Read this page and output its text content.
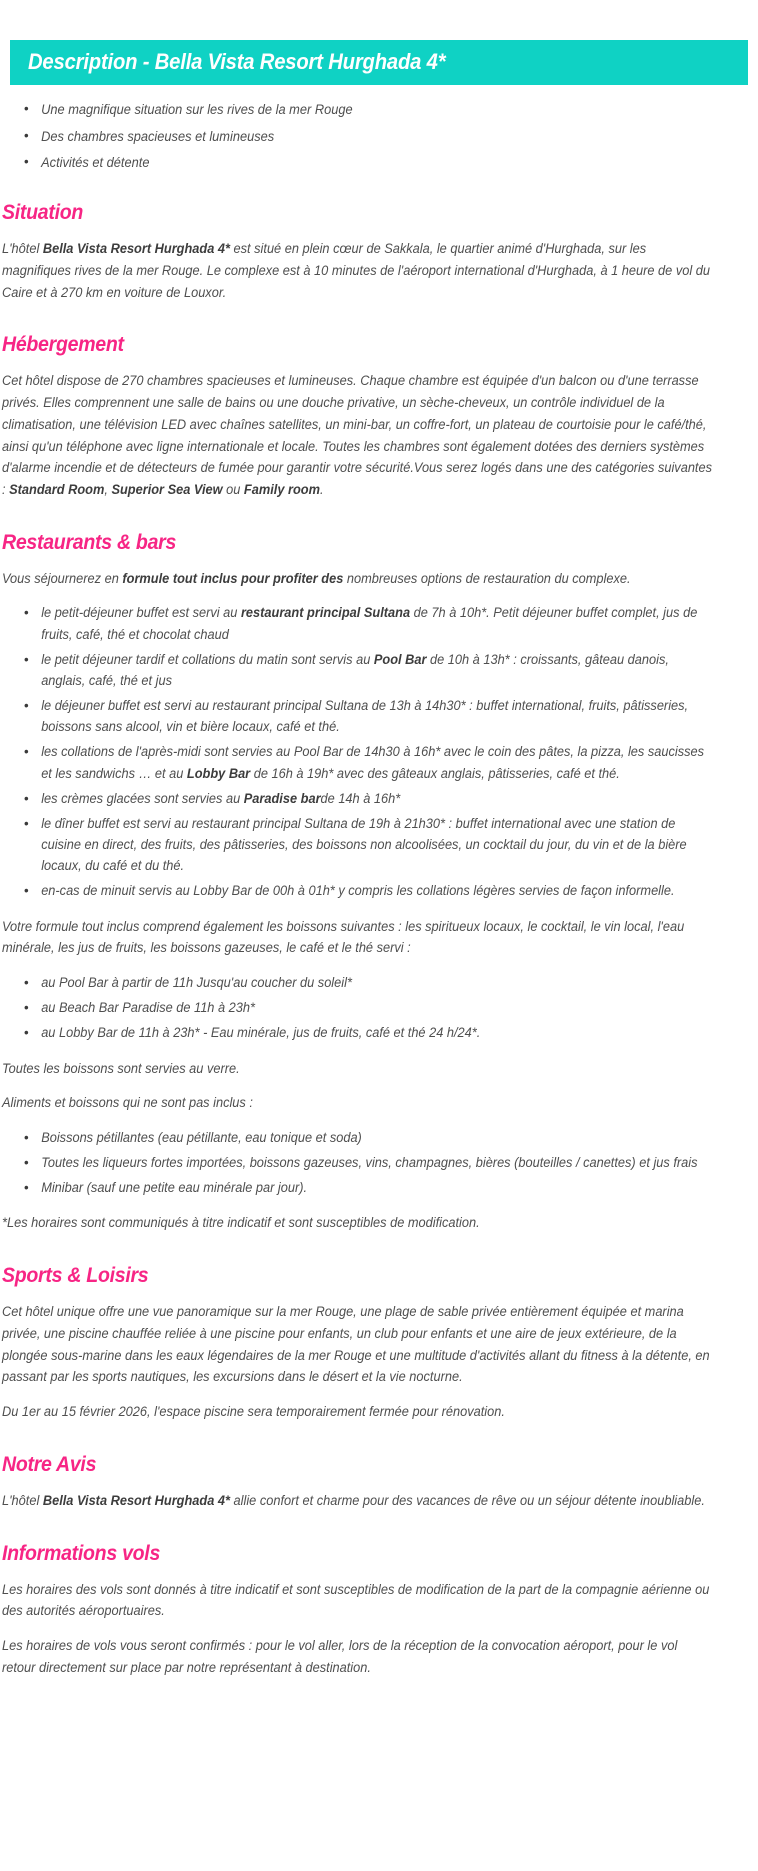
Description - Bella Vista Resort Hurghada 4*
• Une magnifique situation sur les rives de la mer Rouge
• Des chambres spacieuses et lumineuses
• Activités et détente
Situation

L'hôtel Bella Vista Resort Hurghada 4* est situé en plein cœur de Sakkala, le quartier animé d'Hurghada, sur les magnifiques rives de la mer Rouge. Le complexe est à 10 minutes de l'aéroport international d'Hurghada, à 1 heure de vol du Caire et à 270 km en voiture de Louxor.

Hébergement

Cet hôtel dispose de 270 chambres spacieuses et lumineuses. Chaque chambre est équipée d'un balcon ou d'une terrasse privés. Elles comprennent une salle de bains ou une douche privative, un sèche-cheveux, un contrôle individuel de la climatisation, une télévision LED avec chaînes satellites, un mini-bar, un coffre-fort, un plateau de courtoisie pour le café/thé, ainsi qu'un téléphone avec ligne internationale et locale. Toutes les chambres sont également dotées des derniers systèmes d'alarme incendie et de détecteurs de fumée pour garantir votre sécurité.Vous serez logés dans une des catégories suivantes : Standard Room, Superior Sea View ou Family room.

Restaurants & bars

Vous séjournerez en formule tout inclus pour profiter des nombreuses options de restauration du complexe.

• le petit-déjeuner buffet est servi au restaurant principal Sultana de 7h à 10h*. Petit déjeuner buffet complet, jus de fruits, café, thé et chocolat chaud
• le petit déjeuner tardif et collations du matin sont servis au Pool Bar de 10h à 13h* : croissants, gâteau danois, anglais, café, thé et jus
• le déjeuner buffet est servi au restaurant principal Sultana de 13h à 14h30* : buffet international, fruits, pâtisseries, boissons sans alcool, vin et bière locaux, café et thé.
• les collations de l'après-midi sont servies au Pool Bar de 14h30 à 16h* avec le coin des pâtes, la pizza, les saucisses et les sandwichs … et au Lobby Bar de 16h à 19h* avec des gâteaux anglais, pâtisseries, café et thé.
• les crèmes glacées sont servies au Paradise barde 14h à 16h*
• le dîner buffet est servi au restaurant principal Sultana de 19h à 21h30* : buffet international avec une station de cuisine en direct, des fruits, des pâtisseries, des boissons non alcoolisées, un cocktail du jour, du vin et de la bière locaux, du café et du thé.
• en-cas de minuit servis au Lobby Bar de 00h à 01h* y compris les collations légères servies de façon informelle.

Votre formule tout inclus comprend également les boissons suivantes : les spiritueux locaux, le cocktail, le vin local, l'eau minérale, les jus de fruits, les boissons gazeuses, le café et le thé servi :

• au Pool Bar à partir de 11h Jusqu'au coucher du soleil*
• au Beach Bar Paradise de 11h à 23h*
• au Lobby Bar de 11h à 23h* - Eau minérale, jus de fruits, café et thé 24 h/24*.

Toutes les boissons sont servies au verre.

Aliments et boissons qui ne sont pas inclus :

• Boissons pétillantes (eau pétillante, eau tonique et soda)
• Toutes les liqueurs fortes importées, boissons gazeuses, vins, champagnes, bières (bouteilles / canettes) et jus frais
• Minibar (sauf une petite eau minérale par jour).

*Les horaires sont communiqués à titre indicatif et sont susceptibles de modification.

Sports & Loisirs

Cet hôtel unique offre une vue panoramique sur la mer Rouge, une plage de sable privée entièrement équipée et marina privée, une piscine chauffée reliée à une piscine pour enfants, un club pour enfants et une aire de jeux extérieure, de la plongée sous-marine dans les eaux légendaires de la mer Rouge et une multitude d'activités allant du fitness à la détente, en passant par les sports nautiques, les excursions dans le désert et la vie nocturne.

Du 1er au 15 février 2026, l'espace piscine sera temporairement fermée pour rénovation.

Notre Avis

L'hôtel Bella Vista Resort Hurghada 4* allie confort et charme pour des vacances de rêve ou un séjour détente inoubliable.

Informations vols

Les horaires des vols sont donnés à titre indicatif et sont susceptibles de modification de la part de la compagnie aérienne ou des autorités aéroportuaires.

Les horaires de vols vous seront confirmés : pour le vol aller, lors de la réception de la convocation aéroport, pour le vol retour directement sur place par notre représentant à destination.
